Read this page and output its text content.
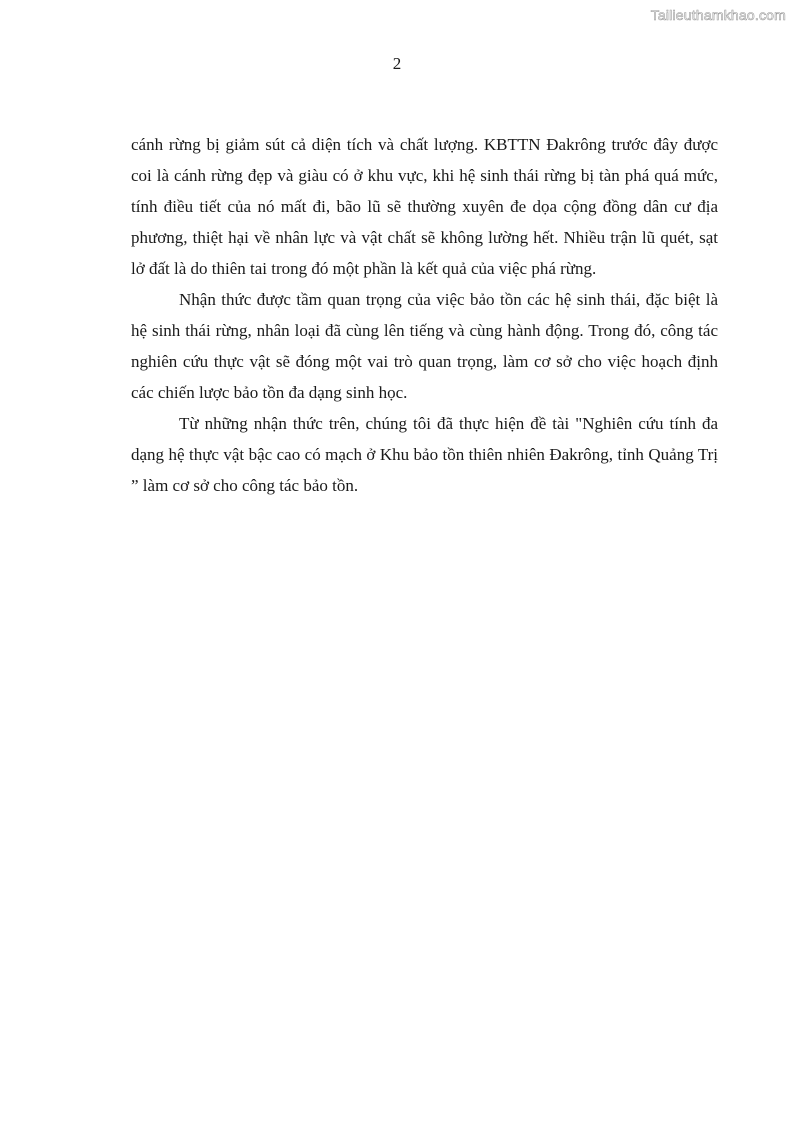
Tailieuthamkhao.com
2

cánh rừng bị giảm sút cả diện tích và chất lượng. KBTTN Đakrông trước đây được coi là cánh rừng đẹp và giàu có ở khu vực, khi hệ sinh thái rừng bị tàn phá quá mức, tính điều tiết của nó mất đi, bão lũ sẽ thường xuyên đe dọa cộng đồng dân cư địa phương, thiệt hại về nhân lực và vật chất sẽ không lường hết. Nhiều trận lũ quét, sạt lở đất là do thiên tai trong đó một phần là kết quả của việc phá rừng.

Nhận thức được tầm quan trọng của việc bảo tồn các hệ sinh thái, đặc biệt là hệ sinh thái rừng, nhân loại đã cùng lên tiếng và cùng hành động. Trong đó, công tác nghiên cứu thực vật sẽ đóng một vai trò quan trọng, làm cơ sở cho việc hoạch định các chiến lược bảo tồn đa dạng sinh học.

Từ những nhận thức trên, chúng tôi đã thực hiện đề tài "Nghiên cứu tính đa dạng hệ thực vật bậc cao có mạch ở Khu bảo tồn thiên nhiên Đakrông, tỉnh Quảng Trị ” làm cơ sở cho công tác bảo tồn.
